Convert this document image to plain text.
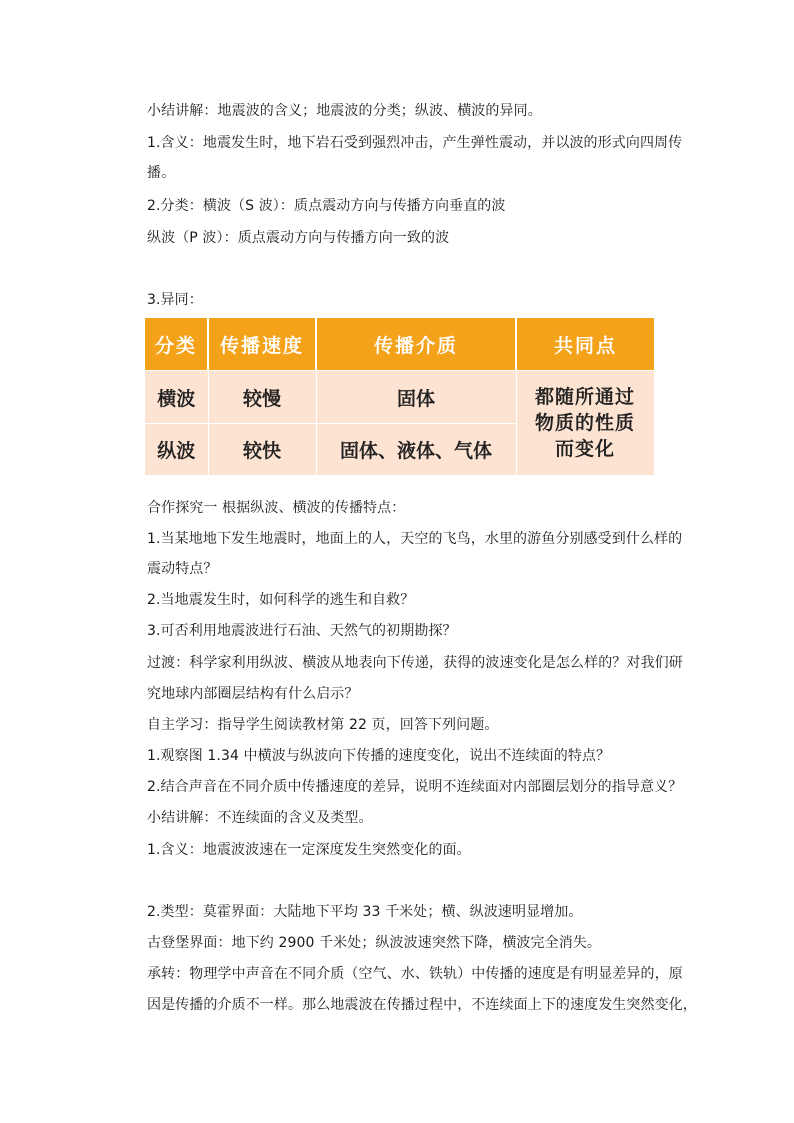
小结讲解：地震波的含义；地震波的分类；纵波、横波的异同。
1.含义：地震发生时，地下岩石受到强烈冲击，产生弹性震动，并以波的形式向四周传
播。
2.分类：横波（S 波）：质点震动方向与传播方向垂直的波
纵波（P 波）：质点震动方向与传播方向一致的波
3.异同：
分类	传播速度	传播介质	共同点
横波	较慢	固体	都随所通过
物质的性质
而变化

纵波	较快	固体、液体、气体	
合作探究一 根据纵波、横波的传播特点：
1.当某地地下发生地震时，地面上的人，天空的飞鸟，水里的游鱼分别感受到什么样的
震动特点？
2.当地震发生时，如何科学的逃生和自救？
3.可否利用地震波进行石油、天然气的初期勘探？
过渡：科学家利用纵波、横波从地表向下传递，获得的波速变化是怎么样的？对我们研
究地球内部圈层结构有什么启示？
自主学习：指导学生阅读教材第 22 页，回答下列问题。
1.观察图 1.34 中横波与纵波向下传播的速度变化，说出不连续面的特点？
2.结合声音在不同介质中传播速度的差异，说明不连续面对内部圈层划分的指导意义？
小结讲解：不连续面的含义及类型。
1.含义：地震波波速在一定深度发生突然变化的面。
2.类型：莫霍界面：大陆地下平均 33 千米处；横、纵波速明显增加。
古登堡界面：地下约 2900 千米处；纵波波速突然下降，横波完全消失。
承转：物理学中声音在不同介质（空气、水、铁轨）中传播的速度是有明显差异的，原
因是传播的介质不一样。那么地震波在传播过程中，不连续面上下的速度发生突然变化，
